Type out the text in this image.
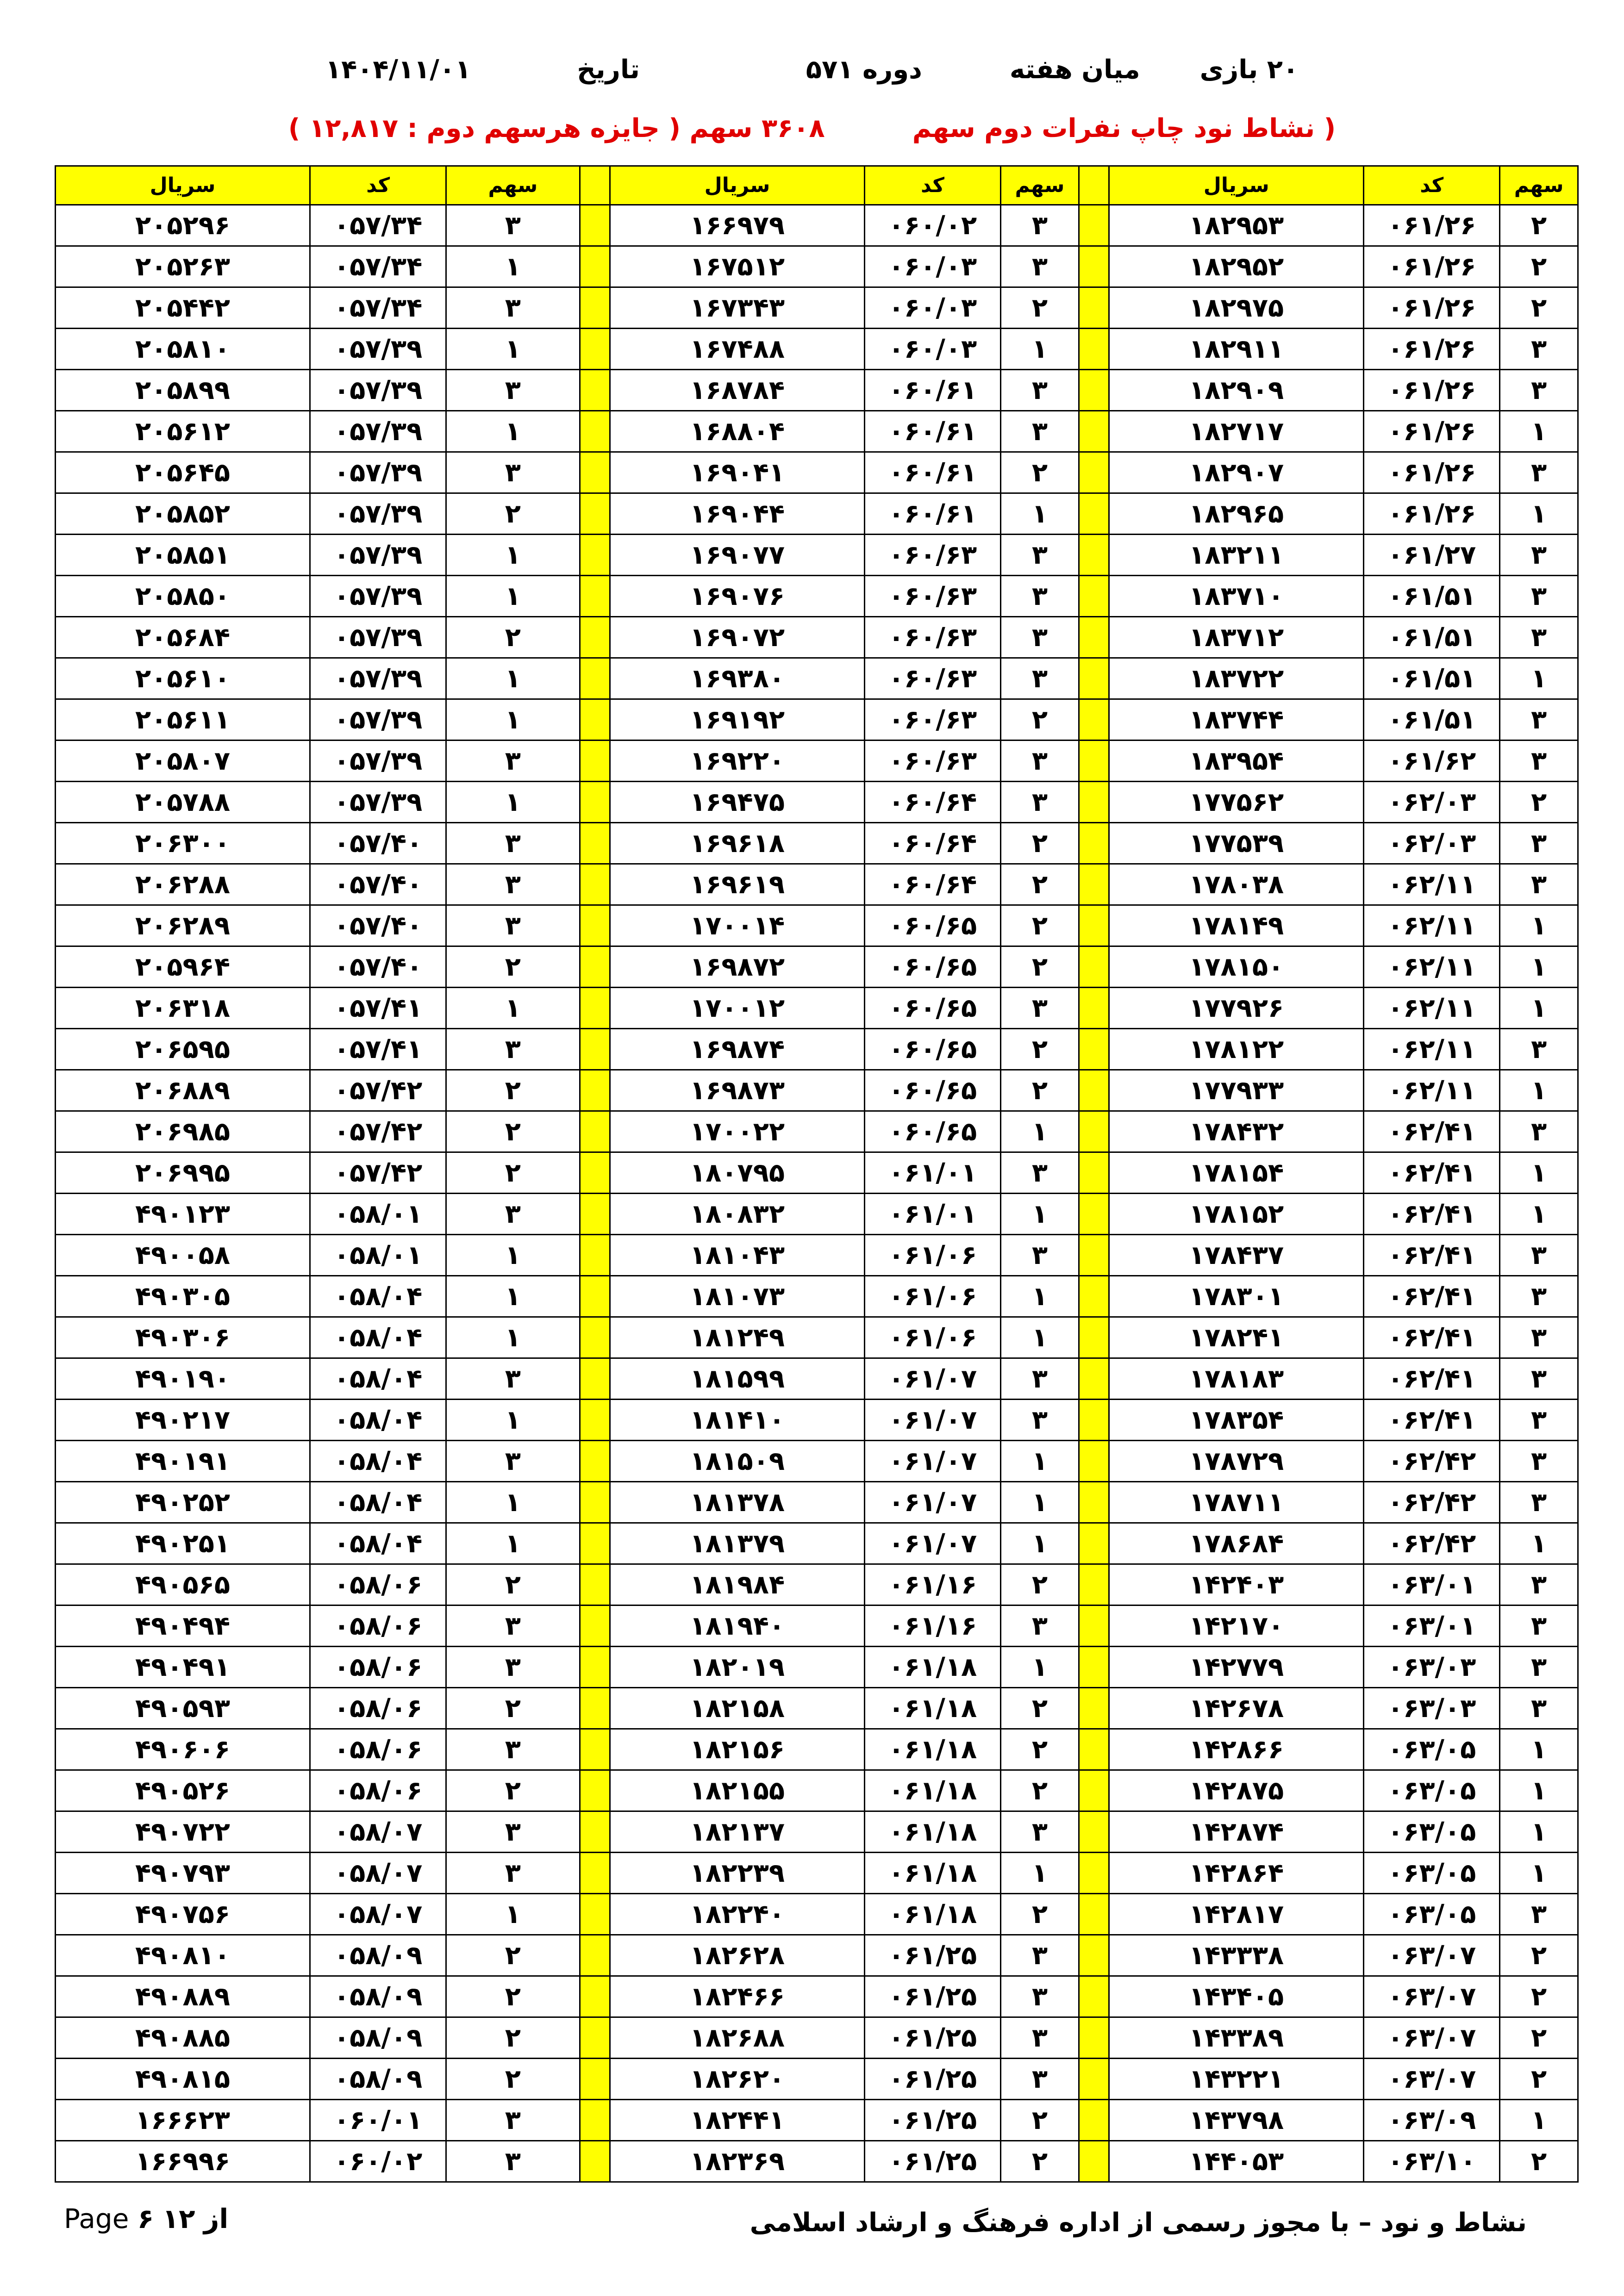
۲۰ بازی  میان هفته  دوره ۵۷۱  تاریخ  ۱۴۰۴/۱۱/۰۱
( نشاط نود چاپ نفرات دوم سهم  ۳۶۰۸ سهم ( جایزه هرسهم دوم : ۱۲,۸۱۷ )
سهم	کد	سریال		سهم	کد	سریال		سهم	کد	سریال
۲	۰۶۱/۲۶	۱۸۲۹۵۳		۳	۰۶۰/۰۲	۱۶۶۹۷۹		۳	۰۵۷/۳۴	۲۰۵۲۹۶
۲	۰۶۱/۲۶	۱۸۲۹۵۲		۳	۰۶۰/۰۳	۱۶۷۵۱۲		۱	۰۵۷/۳۴	۲۰۵۲۶۳
۲	۰۶۱/۲۶	۱۸۲۹۷۵		۲	۰۶۰/۰۳	۱۶۷۳۴۳		۳	۰۵۷/۳۴	۲۰۵۴۴۲
۳	۰۶۱/۲۶	۱۸۲۹۱۱		۱	۰۶۰/۰۳	۱۶۷۴۸۸		۱	۰۵۷/۳۹	۲۰۵۸۱۰
۳	۰۶۱/۲۶	۱۸۲۹۰۹		۳	۰۶۰/۶۱	۱۶۸۷۸۴		۳	۰۵۷/۳۹	۲۰۵۸۹۹
۱	۰۶۱/۲۶	۱۸۲۷۱۷		۳	۰۶۰/۶۱	۱۶۸۸۰۴		۱	۰۵۷/۳۹	۲۰۵۶۱۲
۳	۰۶۱/۲۶	۱۸۲۹۰۷		۲	۰۶۰/۶۱	۱۶۹۰۴۱		۳	۰۵۷/۳۹	۲۰۵۶۴۵
۱	۰۶۱/۲۶	۱۸۲۹۶۵		۱	۰۶۰/۶۱	۱۶۹۰۴۴		۲	۰۵۷/۳۹	۲۰۵۸۵۲
۳	۰۶۱/۲۷	۱۸۳۲۱۱		۳	۰۶۰/۶۳	۱۶۹۰۷۷		۱	۰۵۷/۳۹	۲۰۵۸۵۱
۳	۰۶۱/۵۱	۱۸۳۷۱۰		۳	۰۶۰/۶۳	۱۶۹۰۷۶		۱	۰۵۷/۳۹	۲۰۵۸۵۰
۳	۰۶۱/۵۱	۱۸۳۷۱۲		۳	۰۶۰/۶۳	۱۶۹۰۷۲		۲	۰۵۷/۳۹	۲۰۵۶۸۴
۱	۰۶۱/۵۱	۱۸۳۷۲۲		۳	۰۶۰/۶۳	۱۶۹۳۸۰		۱	۰۵۷/۳۹	۲۰۵۶۱۰
۳	۰۶۱/۵۱	۱۸۳۷۴۴		۲	۰۶۰/۶۳	۱۶۹۱۹۲		۱	۰۵۷/۳۹	۲۰۵۶۱۱
۳	۰۶۱/۶۲	۱۸۳۹۵۴		۳	۰۶۰/۶۳	۱۶۹۲۲۰		۳	۰۵۷/۳۹	۲۰۵۸۰۷
۲	۰۶۲/۰۳	۱۷۷۵۶۲		۳	۰۶۰/۶۴	۱۶۹۴۷۵		۱	۰۵۷/۳۹	۲۰۵۷۸۸
۳	۰۶۲/۰۳	۱۷۷۵۳۹		۲	۰۶۰/۶۴	۱۶۹۶۱۸		۳	۰۵۷/۴۰	۲۰۶۳۰۰
۳	۰۶۲/۱۱	۱۷۸۰۳۸		۲	۰۶۰/۶۴	۱۶۹۶۱۹		۳	۰۵۷/۴۰	۲۰۶۲۸۸
۱	۰۶۲/۱۱	۱۷۸۱۴۹		۲	۰۶۰/۶۵	۱۷۰۰۱۴		۳	۰۵۷/۴۰	۲۰۶۲۸۹
۱	۰۶۲/۱۱	۱۷۸۱۵۰		۲	۰۶۰/۶۵	۱۶۹۸۷۲		۲	۰۵۷/۴۰	۲۰۵۹۶۴
۱	۰۶۲/۱۱	۱۷۷۹۲۶		۳	۰۶۰/۶۵	۱۷۰۰۱۲		۱	۰۵۷/۴۱	۲۰۶۳۱۸
۳	۰۶۲/۱۱	۱۷۸۱۲۲		۲	۰۶۰/۶۵	۱۶۹۸۷۴		۳	۰۵۷/۴۱	۲۰۶۵۹۵
۱	۰۶۲/۱۱	۱۷۷۹۳۳		۲	۰۶۰/۶۵	۱۶۹۸۷۳		۲	۰۵۷/۴۲	۲۰۶۸۸۹
۳	۰۶۲/۴۱	۱۷۸۴۳۲		۱	۰۶۰/۶۵	۱۷۰۰۲۲		۲	۰۵۷/۴۲	۲۰۶۹۸۵
۱	۰۶۲/۴۱	۱۷۸۱۵۴		۳	۰۶۱/۰۱	۱۸۰۷۹۵		۲	۰۵۷/۴۲	۲۰۶۹۹۵
۱	۰۶۲/۴۱	۱۷۸۱۵۲		۱	۰۶۱/۰۱	۱۸۰۸۳۲		۳	۰۵۸/۰۱	۴۹۰۱۲۳
۳	۰۶۲/۴۱	۱۷۸۴۳۷		۳	۰۶۱/۰۶	۱۸۱۰۴۳		۱	۰۵۸/۰۱	۴۹۰۰۵۸
۳	۰۶۲/۴۱	۱۷۸۳۰۱		۱	۰۶۱/۰۶	۱۸۱۰۷۳		۱	۰۵۸/۰۴	۴۹۰۳۰۵
۳	۰۶۲/۴۱	۱۷۸۲۴۱		۱	۰۶۱/۰۶	۱۸۱۲۴۹		۱	۰۵۸/۰۴	۴۹۰۳۰۶
۳	۰۶۲/۴۱	۱۷۸۱۸۳		۳	۰۶۱/۰۷	۱۸۱۵۹۹		۳	۰۵۸/۰۴	۴۹۰۱۹۰
۳	۰۶۲/۴۱	۱۷۸۳۵۴		۳	۰۶۱/۰۷	۱۸۱۴۱۰		۱	۰۵۸/۰۴	۴۹۰۲۱۷
۳	۰۶۲/۴۲	۱۷۸۷۲۹		۱	۰۶۱/۰۷	۱۸۱۵۰۹		۳	۰۵۸/۰۴	۴۹۰۱۹۱
۳	۰۶۲/۴۲	۱۷۸۷۱۱		۱	۰۶۱/۰۷	۱۸۱۳۷۸		۱	۰۵۸/۰۴	۴۹۰۲۵۲
۱	۰۶۲/۴۲	۱۷۸۶۸۴		۱	۰۶۱/۰۷	۱۸۱۳۷۹		۱	۰۵۸/۰۴	۴۹۰۲۵۱
۳	۰۶۳/۰۱	۱۴۲۴۰۳		۲	۰۶۱/۱۶	۱۸۱۹۸۴		۲	۰۵۸/۰۶	۴۹۰۵۶۵
۳	۰۶۳/۰۱	۱۴۲۱۷۰		۳	۰۶۱/۱۶	۱۸۱۹۴۰		۳	۰۵۸/۰۶	۴۹۰۴۹۴
۳	۰۶۳/۰۳	۱۴۲۷۷۹		۱	۰۶۱/۱۸	۱۸۲۰۱۹		۳	۰۵۸/۰۶	۴۹۰۴۹۱
۳	۰۶۳/۰۳	۱۴۲۶۷۸		۲	۰۶۱/۱۸	۱۸۲۱۵۸		۲	۰۵۸/۰۶	۴۹۰۵۹۳
۱	۰۶۳/۰۵	۱۴۲۸۶۶		۲	۰۶۱/۱۸	۱۸۲۱۵۶		۳	۰۵۸/۰۶	۴۹۰۶۰۶
۱	۰۶۳/۰۵	۱۴۲۸۷۵		۲	۰۶۱/۱۸	۱۸۲۱۵۵		۲	۰۵۸/۰۶	۴۹۰۵۲۶
۱	۰۶۳/۰۵	۱۴۲۸۷۴		۳	۰۶۱/۱۸	۱۸۲۱۳۷		۳	۰۵۸/۰۷	۴۹۰۷۲۲
۱	۰۶۳/۰۵	۱۴۲۸۶۴		۱	۰۶۱/۱۸	۱۸۲۲۳۹		۳	۰۵۸/۰۷	۴۹۰۷۹۳
۳	۰۶۳/۰۵	۱۴۲۸۱۷		۲	۰۶۱/۱۸	۱۸۲۲۴۰		۱	۰۵۸/۰۷	۴۹۰۷۵۶
۲	۰۶۳/۰۷	۱۴۳۳۳۸		۳	۰۶۱/۲۵	۱۸۲۶۲۸		۲	۰۵۸/۰۹	۴۹۰۸۱۰
۲	۰۶۳/۰۷	۱۴۳۴۰۵		۳	۰۶۱/۲۵	۱۸۲۴۶۶		۲	۰۵۸/۰۹	۴۹۰۸۸۹
۲	۰۶۳/۰۷	۱۴۳۳۸۹		۳	۰۶۱/۲۵	۱۸۲۶۸۸		۲	۰۵۸/۰۹	۴۹۰۸۸۵
۲	۰۶۳/۰۷	۱۴۳۲۲۱		۳	۰۶۱/۲۵	۱۸۲۶۲۰		۲	۰۵۸/۰۹	۴۹۰۸۱۵
۱	۰۶۳/۰۹	۱۴۳۷۹۸		۲	۰۶۱/۲۵	۱۸۲۴۴۱		۳	۰۶۰/۰۱	۱۶۶۶۲۳
۲	۰۶۳/۱۰	۱۴۴۰۵۳		۲	۰۶۱/۲۵	۱۸۲۳۶۹		۳	۰۶۰/۰۲	۱۶۶۹۹۶
نشاط و نود – با مجوز رسمی از اداره فرهنگ و ارشاد اسلامی
Page ۶ از ۱۲
